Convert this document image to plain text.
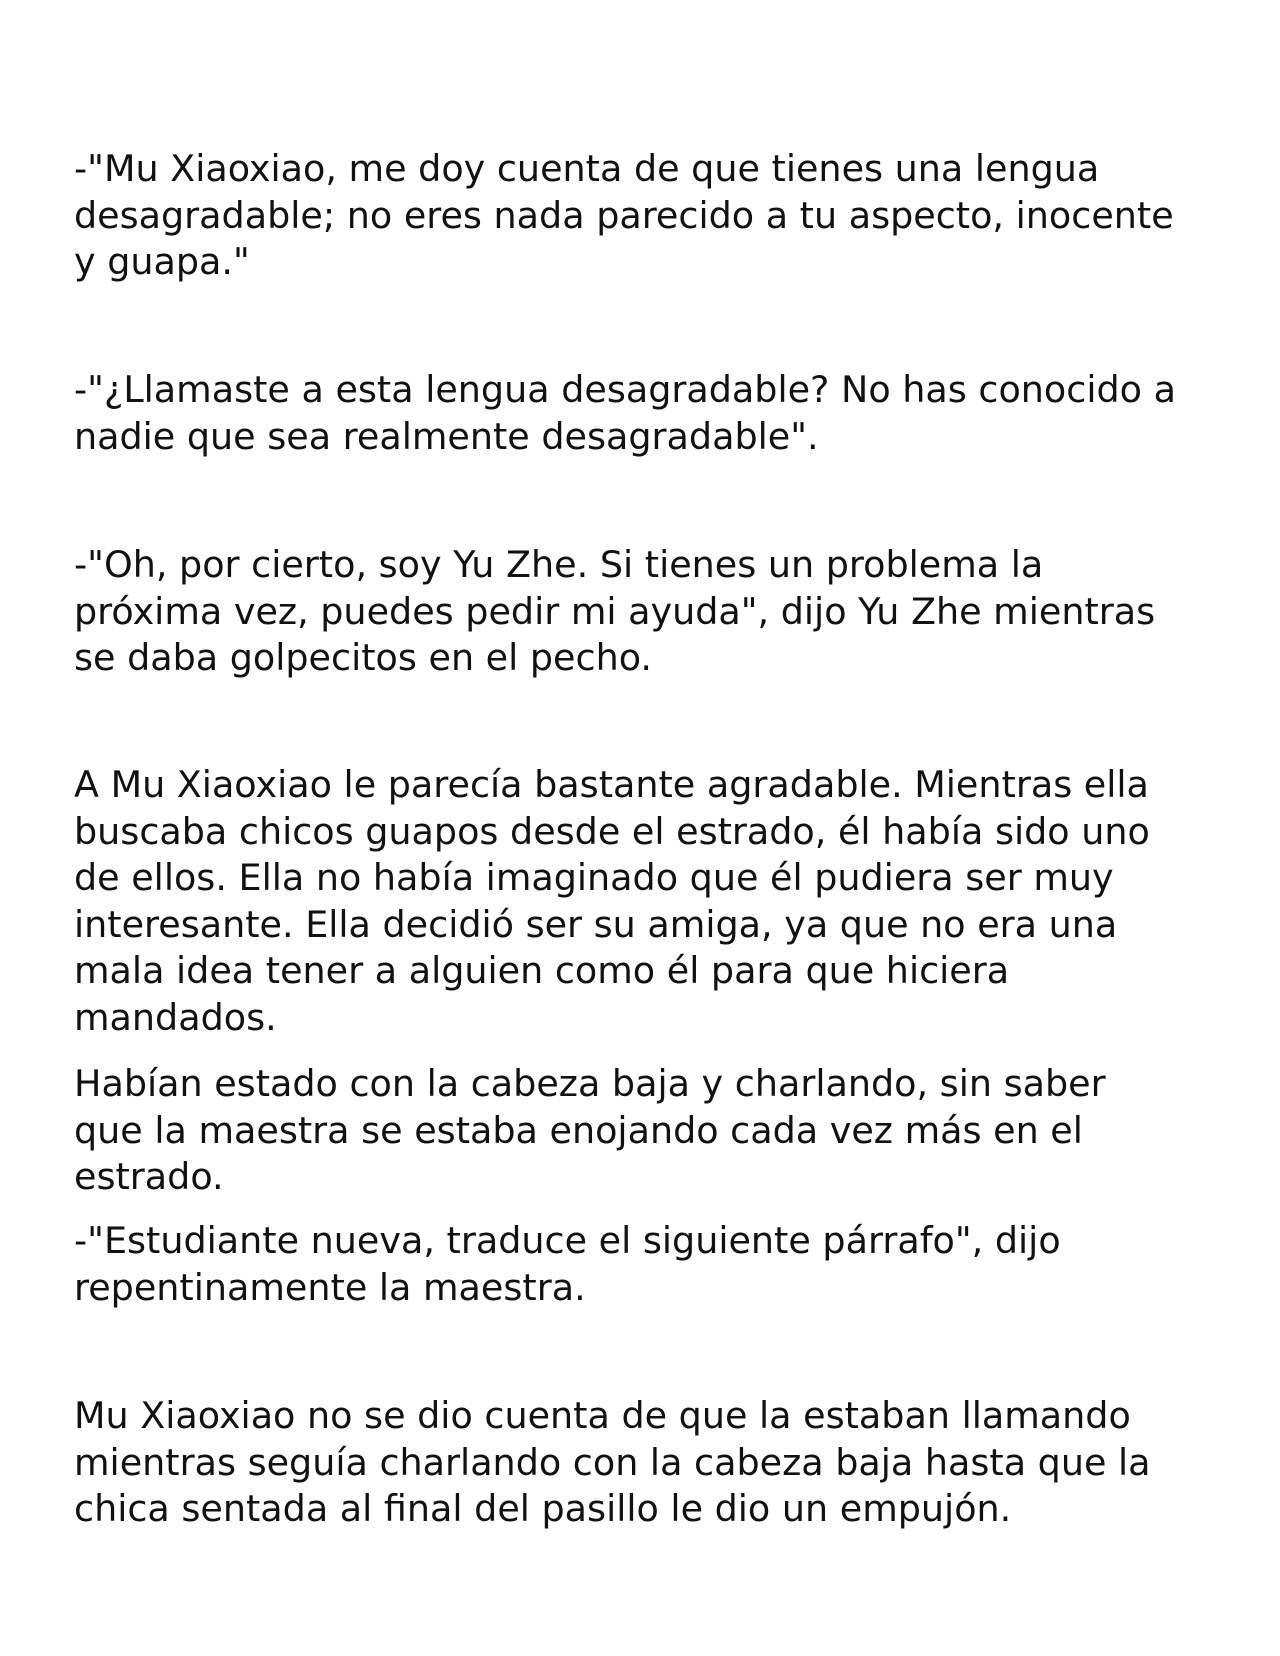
-"Mu Xiaoxiao, me doy cuenta de que tienes una lengua
desagradable; no eres nada parecido a tu aspecto, inocente
y guapa."

-"¿Llamaste a esta lengua desagradable? No has conocido a
nadie que sea realmente desagradable".

-"Oh, por cierto, soy Yu Zhe. Si tienes un problema la
próxima vez, puedes pedir mi ayuda", dijo Yu Zhe mientras
se daba golpecitos en el pecho.

A Mu Xiaoxiao le parecía bastante agradable. Mientras ella
buscaba chicos guapos desde el estrado, él había sido uno
de ellos. Ella no había imaginado que él pudiera ser muy
interesante. Ella decidió ser su amiga, ya que no era una
mala idea tener a alguien como él para que hiciera
mandados.

Habían estado con la cabeza baja y charlando, sin saber
que la maestra se estaba enojando cada vez más en el
estrado.

-"Estudiante nueva, traduce el siguiente párrafo", dijo
repentinamente la maestra.

Mu Xiaoxiao no se dio cuenta de que la estaban llamando
mientras seguía charlando con la cabeza baja hasta que la
chica sentada al final del pasillo le dio un empujón.
